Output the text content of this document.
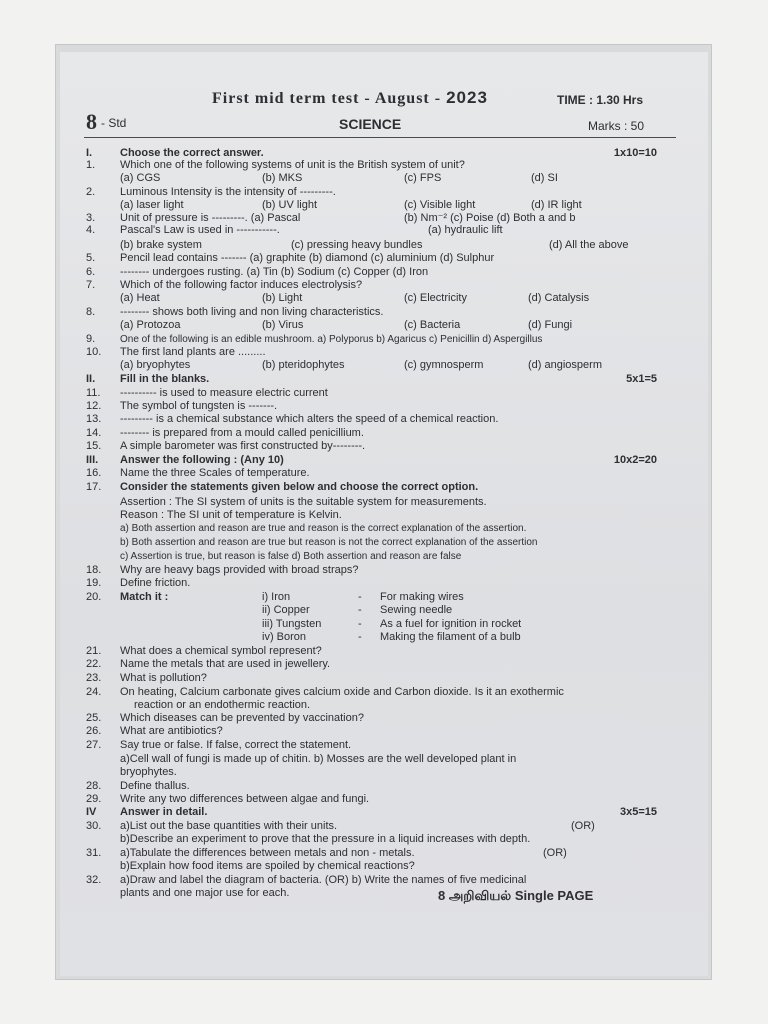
First mid term test - August - 2023	TIME : 1.30 Hrs
8 - Std	SCIENCE	Marks : 50
I.	Choose the correct answer.	1x10=10
1. Which one of the following systems of unit is the British system of unit?
(a) CGS	(b) MKS	(c) FPS	(d) SI
2. Luminous Intensity is the intensity of ---------.
(a) laser light	(b) UV light	(c) Visible light	(d) IR light
3. Unit of pressure is ---------. (a) Pascal	(b) Nm⁻² (c) Poise (d) Both a and b
4. Pascal's Law is used in -----------.	(a) hydraulic lift
(b) brake system	(c) pressing heavy bundles	(d) All the above
5. Pencil lead contains ------- (a) graphite (b) diamond (c) aluminium (d) Sulphur
6. -------- undergoes rusting. (a) Tin (b) Sodium (c) Copper (d) Iron
7. Which of the following factor induces electrolysis?
(a) Heat	(b) Light	(c) Electricity	(d) Catalysis
8. -------- shows both living and non living characteristics.
(a) Protozoa	(b) Virus	(c) Bacteria	(d) Fungi
9. One of the following is an edible mushroom. a) Polyporus b) Agaricus c) Penicillin d) Aspergillus
10. The first land plants are .........
(a) bryophytes	(b) pteridophytes	(c) gymnosperm	(d) angiosperm
II. Fill in the blanks.	5x1=5
11. ---------- is used to measure electric current
12. The symbol of tungsten is -------.
13. --------- is a chemical substance which alters the speed of a chemical reaction.
14. -------- is prepared from a mould called penicillium.
15. A simple barometer was first constructed by--------.
III. Answer the following : (Any 10)	10x2=20
16. Name the three Scales of temperature.
17. Consider the statements given below and choose the correct option.
Assertion : The SI system of units is the suitable system for measurements.
Reason : The SI unit of temperature is Kelvin.
a) Both assertion and reason are true and reason is the correct explanation of the assertion.
b) Both assertion and reason are true but reason is not the correct explanation of the assertion
c) Assertion is true, but reason is false d) Both assertion and reason are false
18. Why are heavy bags provided with broad straps?
19. Define friction.
20. Match it :	i) Iron	- For making wires
ii) Copper	- Sewing needle
iii) Tungsten	- As a fuel for ignition in rocket
iv) Boron	- Making the filament of a bulb
21. What does a chemical symbol represent?
22. Name the metals that are used in jewellery.
23. What is pollution?
24. On heating, Calcium carbonate gives calcium oxide and Carbon dioxide. Is it an exothermic
reaction or an endothermic reaction.
25. Which diseases can be prevented by vaccination?
26. What are antibiotics?
27. Say true or false. If false, correct the statement.
a)Cell wall of fungi is made up of chitin. b) Mosses are the well developed plant in
bryophytes.
28. Define thallus.
29. Write any two differences between algae and fungi.
IV Answer in detail.	3x5=15
30. a)List out the base quantities with their units.	(OR)
b)Describe an experiment to prove that the pressure in a liquid increases with depth.
31. a)Tabulate the differences between metals and non - metals.	(OR)
b)Explain how food items are spoiled by chemical reactions?
32. a)Draw and label the diagram of bacteria. (OR) b) Write the names of five medicinal
plants and one major use for each.	8 அறிவியல் Single PAGE
